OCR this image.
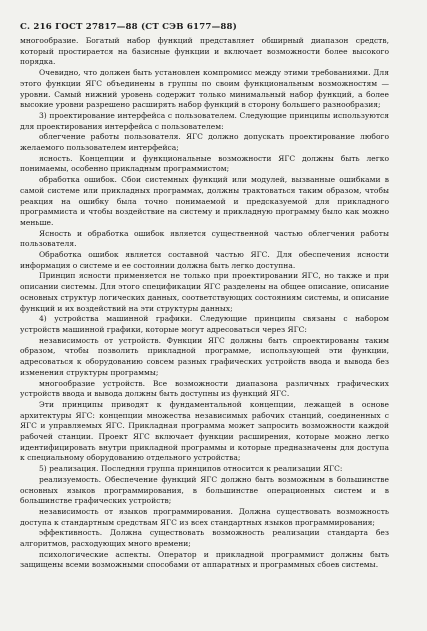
С. 216 ГОСТ 27817—88 (СТ СЭВ 6177—88)

многообразие. Богатый набор функций представляет обширный диапазон средств, который простирается на базисные функции и включает возможности более высокого порядка.

Очевидно, что должен быть установлен компромисс между этими требованиями. Для этого функции ЯГС объединены в группы по своим функциональным возможностям — уровни. Самый нижний уровень содержит только минимальный набор функций, а более высокие уровни разрешено расширять набор функций в сторону большего разнообразия;

3) проектирование интерфейса с пользователем. Следующие принципы используются для проектирования интерфейса с пользователем:

облегчение работы пользователя. ЯГС должно допускать проектирование любого желаемого пользователем интерфейса;

ясность. Концепции и функциональные возможности ЯГС должны быть легко понимаемы, особенно прикладным программистом;

обработка ошибок. Сбои системных функций или модулей, вызванные ошибками в самой системе или прикладных программах, должны трактоваться таким образом, чтобы реакция на ошибку была точно понимаемой и предсказуемой для прикладного программиста и чтобы воздействие на систему и прикладную программу было как можно меньше.

Ясность и обработка ошибок является существенной частью облегчения работы пользователя.

Обработка ошибок является составной частью ЯГС. Для обеспечения ясности информация о системе и ее состоянии должна быть легко доступна.

Принцип ясности применяется не только при проектировании ЯГС, но также и при описании системы. Для этого спецификации ЯГС разделены на общее описание, описание основных структур логических данных, соответствующих состояниям системы, и описание функций и их воздействий на эти структуры данных;

4) устройства машинной графики. Следующие принципы связаны с набором устройств машинной графики, которые могут адресоваться через ЯГС:

независимость от устройств. Функции ЯГС должны быть спроектированы таким образом, чтобы позволить прикладной программе, использующей эти функции, адресоваться к оборудованию совсем разных графических устройств ввода и вывода без изменения структуры программы;

многообразие устройств. Все возможности диапазона различных графических устройств ввода и вывода должны быть доступны из функций ЯГС.

Эти принципы приводят к фундаментальной концепции, лежащей в основе архитектуры ЯГС: концепции множества независимых рабочих станций, соединенных с ЯГС и управляемых ЯГС. Прикладная программа может запросить возможности каждой рабочей станции. Проект ЯГС включает функции расширения, которые можно легко идентифицировать внутри прикладной программы и которые предназначены для доступа к специальному оборудованию отдельного устройства;

5) реализация. Последняя группа принципов относится к реализации ЯГС:

реализуемость. Обеспечение функций ЯГС должно быть возможным в большинстве основных языков программирования, в большинстве операционных систем и в большинстве графических устройств;

независимость от языков программирования. Должна существовать возможность доступа к стандартным средствам ЯГС из всех стандартных языков программирования;

эффективность. Должна существовать возможность реализации стандарта без алгоритмов, расходующих много времени;

психологические аспекты. Оператор и прикладной программист должны быть защищены всеми возможными способами от аппаратных и программных сбоев системы.
